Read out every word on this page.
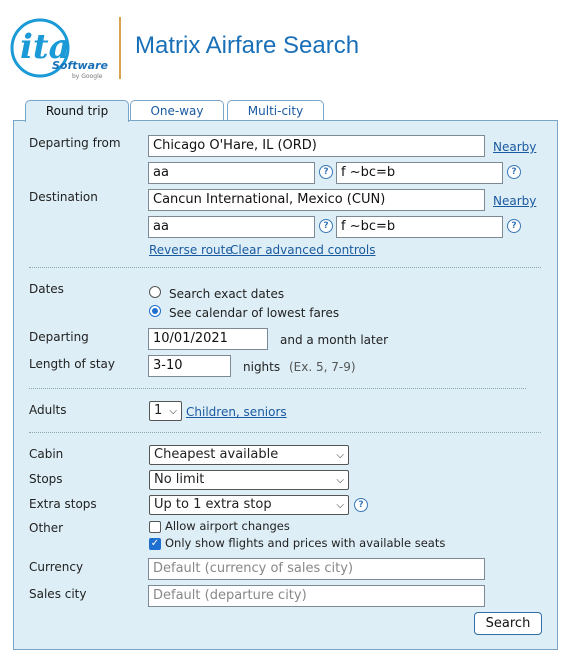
ita
Software
by Google
Matrix Airfare Search
Round trip	One-way	Multi-city
Departing from	Chicago O'Hare, IL (ORD)	Nearby
aa	? f ~bc=b	?
Destination	Cancun International, Mexico (CUN)	Nearby
aa	? f ~bc=b	?
Reverse route
Clear advanced controls
Dates	Search exact dates
See calendar of lowest fares
Departing	10/01/2021	and a month later
Length of stay	3-10	nights (Ex. 5, 7-9)
Adults	1 ⌵ Children, seniors
Cabin	Cheapest available	⌵
Stops	No limit	⌵
Extra stops	Up to 1 extra stop	⌵	?
Other	Allow airport changes
✓ Only show flights and prices with available seats
Currency	Default (currency of sales city)
Sales city	Default (departure city)
Search
